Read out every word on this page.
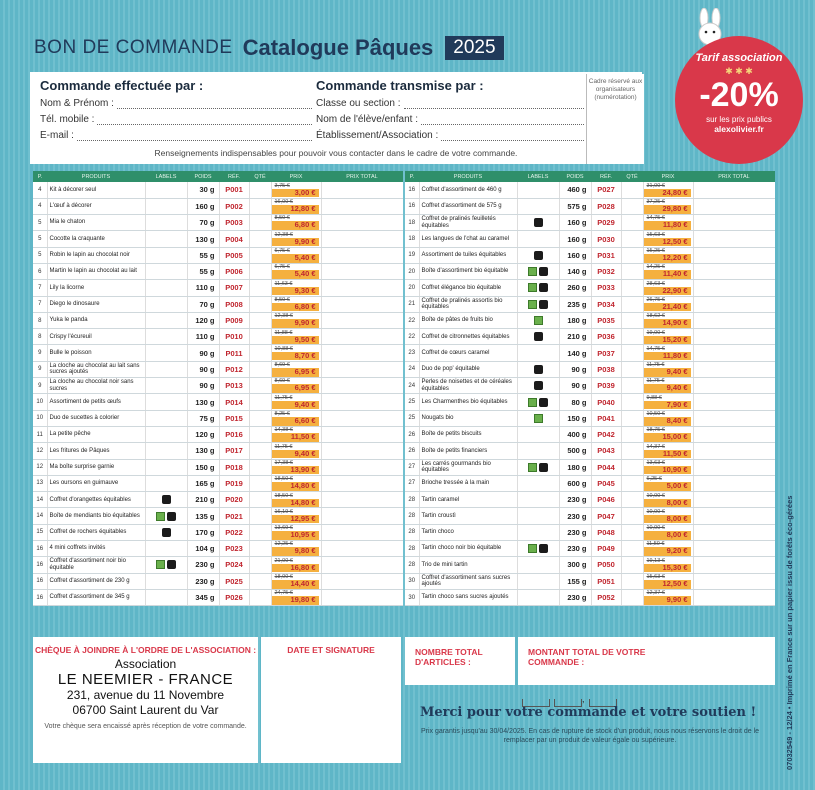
BON DE COMMANDE Catalogue Pâques	2025	Tarif association
✱ ✱ ✱
-20%
sur les prix publics
alexolivier.fr
Commande effectuée par :
Nom & Prénom :
Tél. mobile :
E-mail :
Commande transmise par :
Classe ou section :
Nom de l'élève/enfant :
Établissement/Association :
Renseignements indispensables pour pouvoir vous contacter dans le cadre de votre commande.
Cadre réservé aux organisateurs (numérotation)
P.	PRODUITS	LABELS	POIDS	RÉF.	QTÉ	PRIX	PRIX TOTAL
4	Kit à décorer seul		30 g	P001		3,75 €
3,00 €	

4	L'œuf à décorer		160 g	P002		16,00 €
12,80 €	

5	Mia le chaton		70 g	P003		8,50 €
6,80 €	

5	Cocotte la craquante		130 g	P004		12,38 €
9,90 €	

5	Robin le lapin au chocolat noir		55 g	P005		6,75 €
5,40 €	

6	Martin le lapin au chocolat au lait		55 g	P006		6,75 €
5,40 €	

7	Lily la licorne		110 g	P007		11,63 €
9,30 €	

7	Diego le dinosaure		70 g	P008		8,50 €
6,80 €	

8	Yuka le panda		120 g	P009		12,38 €
9,90 €	

8	Crispy l'écureuil		110 g	P010		11,88 €
9,50 €	

9	Bulle le poisson		90 g	P011		10,88 €
8,70 €	

9	La cloche au chocolat au lait sans sucres ajoutés		90 g	P012		8,69 €
6,95 €	

9	La cloche au chocolat noir sans sucres		90 g	P013		8,69 €
6,95 €	

10	Assortiment de petits œufs		130 g	P014		11,75 €
9,40 €	

10	Duo de sucettes à colorier		75 g	P015		8,25 €
6,60 €	

11	La petite pêche		120 g	P016		14,38 €
11,50 €	

12	Les fritures de Pâques		130 g	P017		11,75 €
9,40 €	

12	Ma boîte surprise garnie		150 g	P018		17,38 €
13,90 €	

13	Les oursons en guimauve		165 g	P019		18,50 €
14,80 €	

14	Coffret d'orangettes équitables		210 g	P020		18,50 €
14,80 €	

14	Boîte de mendiants bio équitables		135 g	P021		16,19 €
12,95 €	

15	Coffret de rochers équitables		170 g	P022		13,69 €
10,95 €	

16	4 mini coffrets invités		104 g	P023		12,25 €
9,80 €	

16	Coffret d'assortiment noir bio équitable		230 g	P024		21,00 €
16,80 €	

16	Coffret d'assortiment de 230 g		230 g	P025		18,00 €
14,40 €	

16	Coffret d'assortiment de 345 g		345 g	P026		24,75 €
19,80 €	

P.	PRODUITS	LABELS	POIDS	RÉF.	QTÉ	PRIX	PRIX TOTAL
16	Coffret d'assortiment de 460 g		460 g	P027		31,00 €
24,80 €	

16	Coffret d'assortiment de 575 g		575 g	P028		37,25 €
29,80 €	

18	Coffret de pralinés feuilletés équitables		160 g	P029		14,75 €
11,80 €	

18	Les langues de l'chat au caramel		160 g	P030		15,63 €
12,50 €	

19	Assortiment de tuiles équitables		160 g	P031		15,25 €
12,20 €	

20	Boîte d'assortiment bio équitable		140 g	P032		14,25 €
11,40 €	

20	Coffret élégance bio équitable		260 g	P033		28,63 €
22,90 €	

21	Coffret de pralinés assortis bio équitables		235 g	P034		26,75 €
21,40 €	

22	Boîte de pâtes de fruits bio		180 g	P035		18,62 €
14,90 €	

22	Coffret de citronnettes équitables		210 g	P036		19,00 €
15,20 €	

23	Coffret de cœurs caramel		140 g	P037		14,75 €
11,80 €	

24	Duo de pop' équitable		90 g	P038		11,75 €
9,40 €	

24	Perles de noisettes et de céréales équitables		90 g	P039		11,75 €
9,40 €	

25	Les Charmenthes bio équitables		80 g	P040		9,88 €
7,90 €	

25	Nougats bio		150 g	P041		10,50 €
8,40 €	

26	Boîte de petits biscuits		400 g	P042		18,75 €
15,00 €	

26	Boîte de petits financiers		500 g	P043		14,37 €
11,50 €	

27	Les carrés gourmands bio équitables		180 g	P044		13,63 €
10,90 €	

27	Brioche tressée à la main		600 g	P045		6,25 €
5,00 €	

28	Tartin caramel		230 g	P046		10,00 €
8,00 €	

28	Tartin croustì		230 g	P047		10,00 €
8,00 €	

28	Tartin choco		230 g	P048		10,00 €
8,00 €	

28	Tartin choco noir bio équitable		230 g	P049		11,50 €
9,20 €	

28	Trio de mini tartin		300 g	P050		19,13 €
15,30 €	

30	Coffret d'assortiment sans sucres ajoutés		155 g	P051		15,63 €
12,50 €	

30	Tartin choco sans sucres ajoutés		230 g	P052		12,37 €
9,90 €	

CHÈQUE À JOINDRE À L'ORDRE DE L'ASSOCIATION :
Association
LE NEEMIER - FRANCE
231, avenue du 11 Novembre
06700 Saint Laurent du Var
Votre chèque sera encaissé après réception de votre commande.
DATE ET SIGNATURE	NOMBRE TOTAL D'ARTICLES :
MONTANT TOTAL DE VOTRE COMMANDE :
,
Merci pour votre commande et votre soutien !
Prix garantis jusqu'au 30/04/2025. En cas de rupture de stock d'un produit, nous nous réservons le droit de le remplacer par un produit de valeur égale ou supérieure.	07032549 - 12/24 • Imprimé en France sur un papier issu de forêts éco-gérées
